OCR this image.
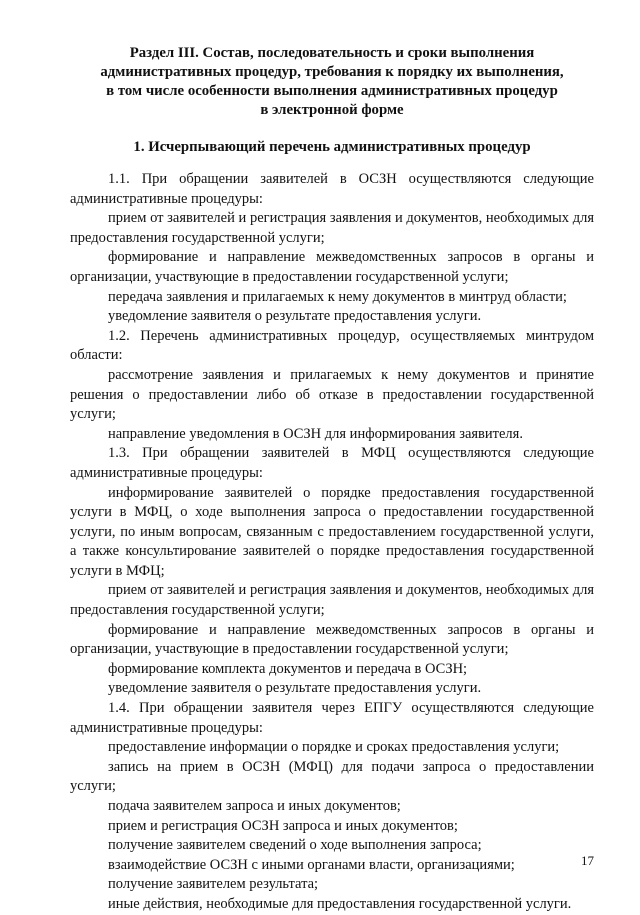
Раздел III. Состав, последовательность и сроки выполнения
административных процедур, требования к порядку их выполнения,
в том числе особенности выполнения административных процедур
в электронной форме
1. Исчерпывающий перечень административных процедур

1.1. При обращении заявителей в ОСЗН осуществляются следующие административные процедуры:

прием от заявителей и регистрация заявления и документов, необходимых для предоставления государственной услуги;

формирование и направление межведомственных запросов в органы и организации, участвующие в предоставлении государственной услуги;

передача заявления и прилагаемых к нему документов в минтруд области;

уведомление заявителя о результате предоставления услуги.

1.2. Перечень административных процедур, осуществляемых минтрудом области:

рассмотрение заявления и прилагаемых к нему документов и принятие решения о предоставлении либо об отказе в предоставлении государственной услуги;

направление уведомления в ОСЗН для информирования заявителя.

1.3. При обращении заявителей в МФЦ осуществляются следующие административные процедуры:

информирование заявителей о порядке предоставления государственной услуги в МФЦ, о ходе выполнения запроса о предоставлении государственной услуги, по иным вопросам, связанным с предоставлением государственной услуги, а также консультирование заявителей о порядке предоставления государственной услуги в МФЦ;

прием от заявителей и регистрация заявления и документов, необходимых для предоставления государственной услуги;

формирование и направление межведомственных запросов в органы и организации, участвующие в предоставлении государственной услуги;

формирование комплекта документов и передача в ОСЗН;

уведомление заявителя о результате предоставления услуги.

1.4. При обращении заявителя через ЕПГУ осуществляются следующие административные процедуры:

предоставление информации о порядке и сроках предоставления услуги;

запись на прием в ОСЗН (МФЦ) для подачи запроса о предоставлении услуги;

подача заявителем запроса и иных документов;

прием и регистрация ОСЗН запроса и иных документов;

получение заявителем сведений о ходе выполнения запроса;

взаимодействие ОСЗН с иными органами власти, организациями;

получение заявителем результата;

иные действия, необходимые для предоставления государственной услуги.

17
